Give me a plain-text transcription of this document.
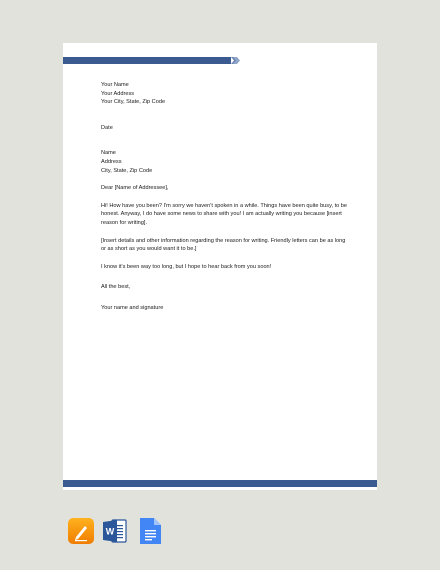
Your Name
Your Address
Your City, State, Zip Code
Date
Name
Address
City, State, Zip Code
Dear [Name of Addressee],
Hi! How have you been? I'm sorry we haven't spoken in a while. Things have been quite busy, to be honest. Anyway, I do have some news to share with you! I am actually writing you because [insert reason for writing].
[Insert details and other information regarding the reason for writing. Friendly letters can be as long or as short as you would want it to be.]
I know it's been way too long, but I hope to hear back from you soon!
All the best,
Your name and signature
W
